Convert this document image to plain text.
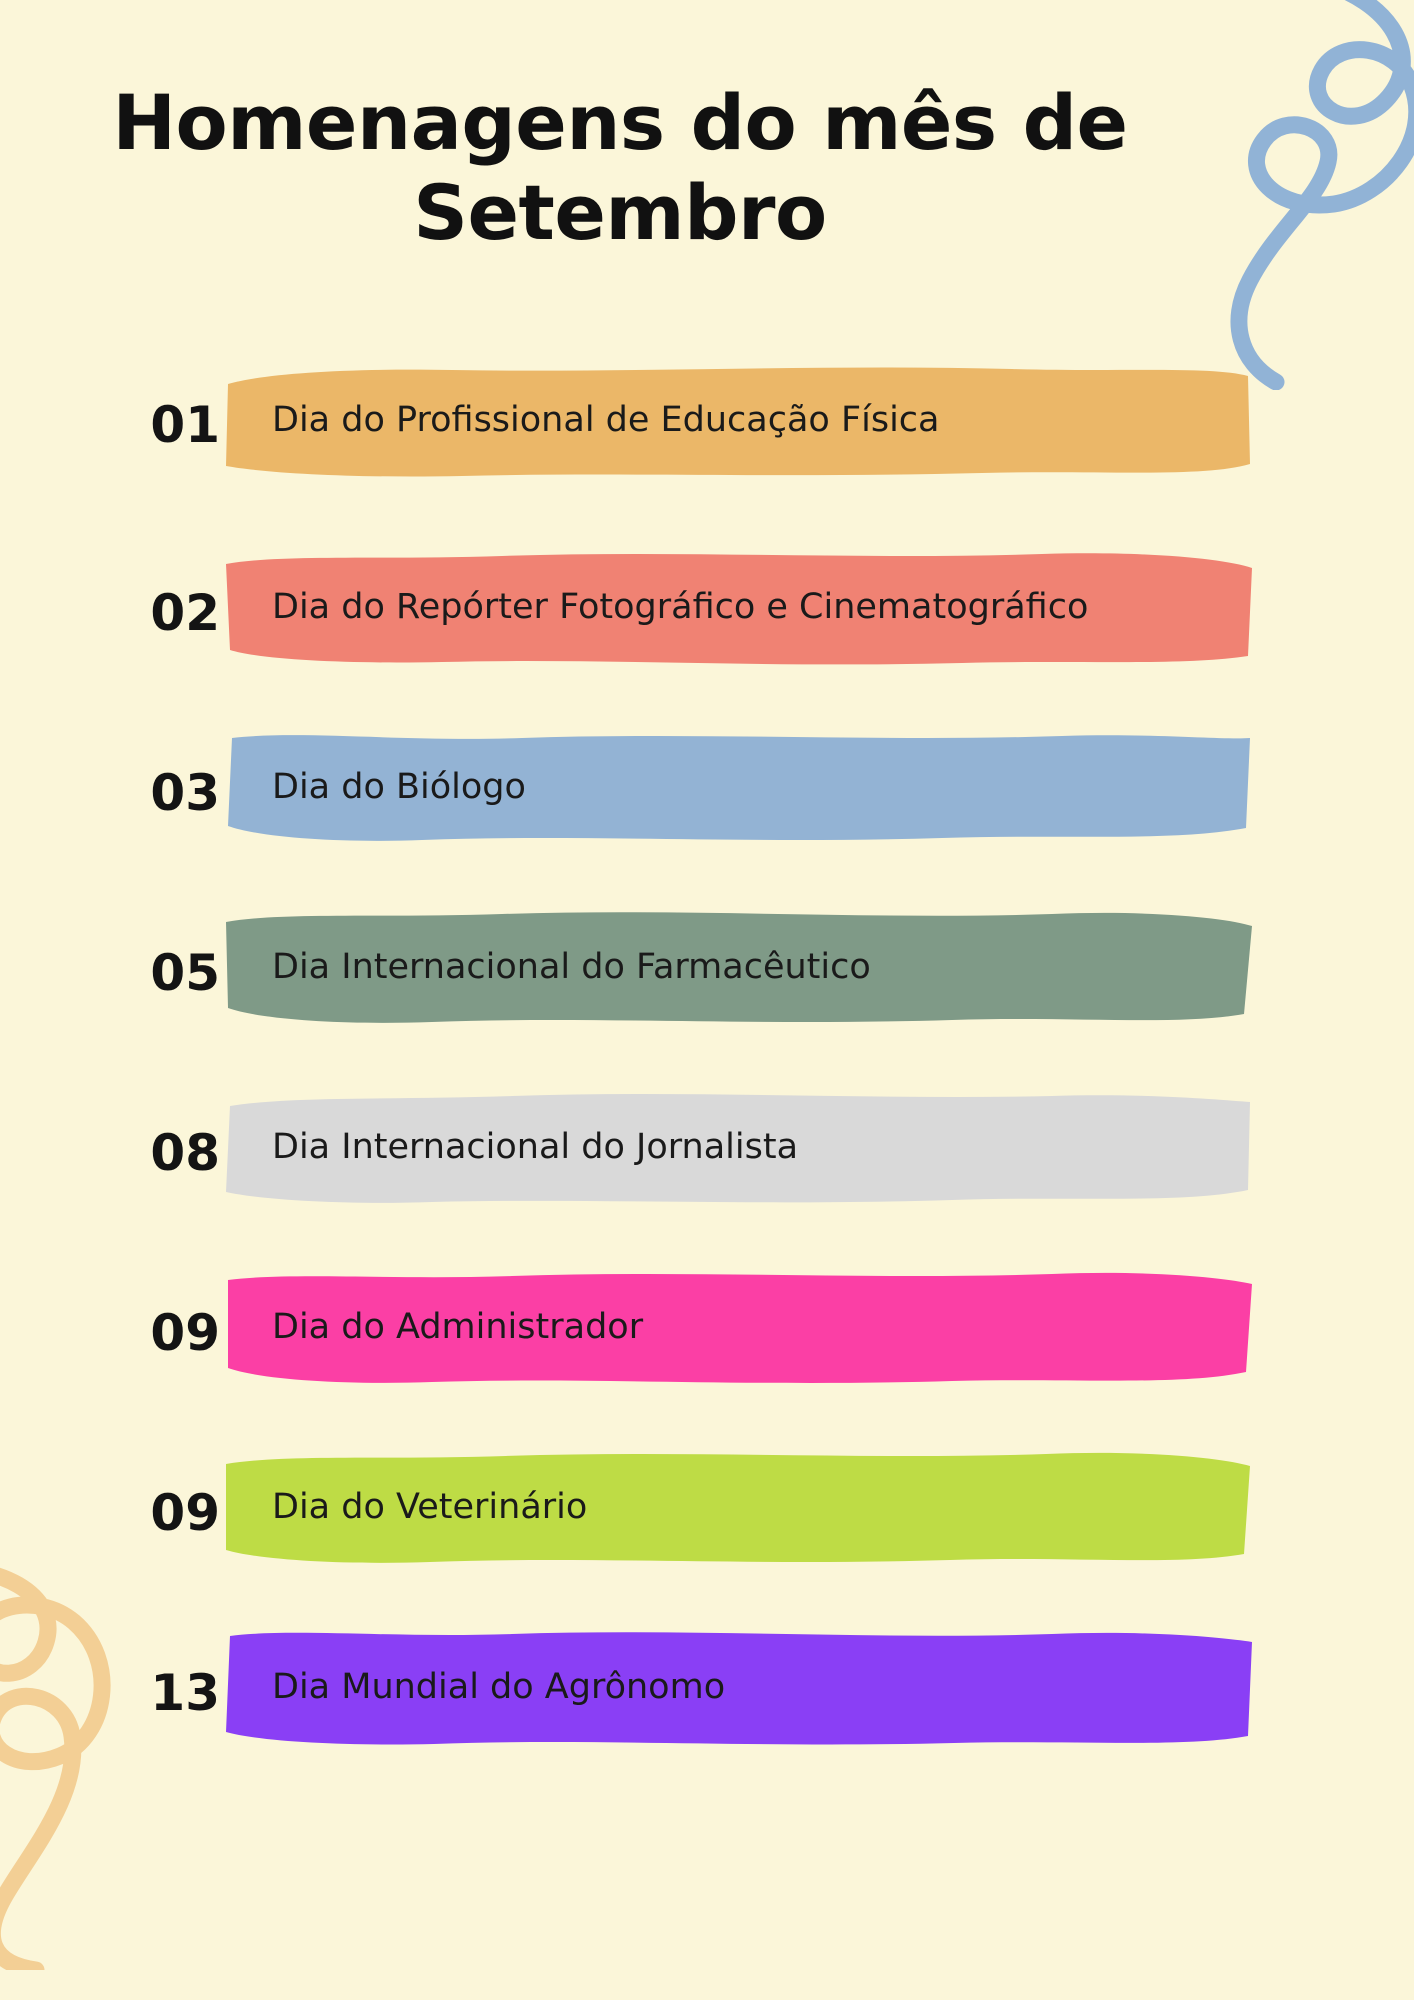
Homenagens do mês de Setembro
01 Dia do Profissional de Educação Física
02 Dia do Repórter Fotográfico e Cinematográfico
03 Dia do Biólogo
05 Dia Internacional do Farmacêutico
08 Dia Internacional do Jornalista
09 Dia do Administrador
09 Dia do Veterinário
13 Dia Mundial do Agrônomo
